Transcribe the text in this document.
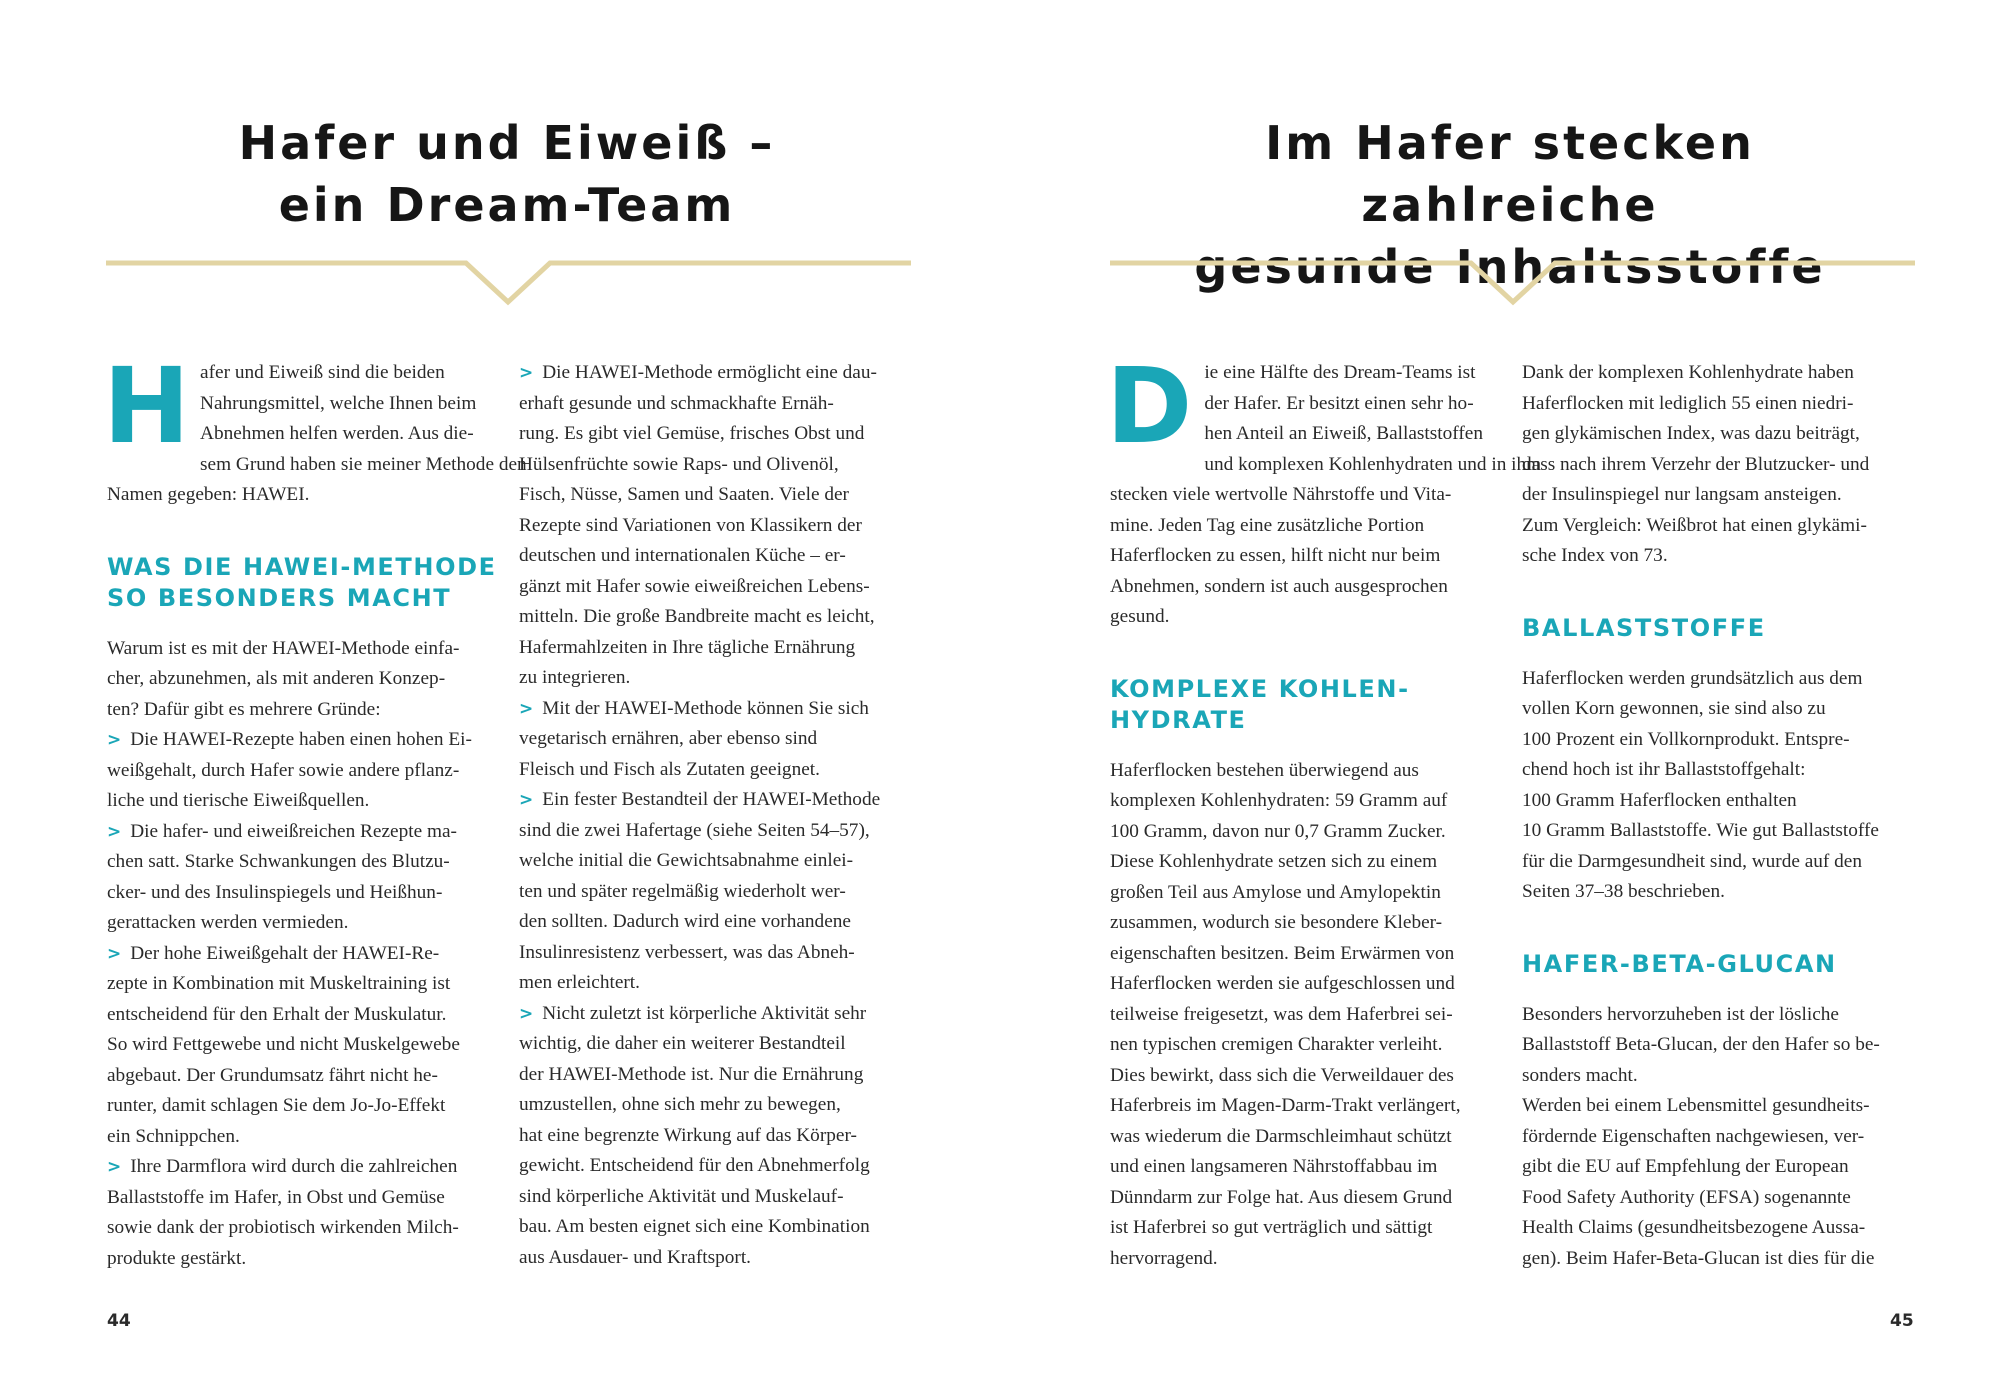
Hafer und Eiweiß –
ein Dream-Team

H afer und Eiweiß sind die beiden
Nahrungsmittel, welche Ihnen beim
Abnehmen helfen werden. Aus die-
sem Grund haben sie meiner Methode den
Namen gegeben: HAWEI.

WAS DIE HAWEI-METHODE
SO BESONDERS MACHT

Warum ist es mit der HAWEI-Methode einfa-
cher, abzunehmen, als mit anderen Konzep-
ten? Dafür gibt es mehrere Gründe:

> Die HAWEI-Rezepte haben einen hohen Ei-
weißgehalt, durch Hafer sowie andere pflanz-
liche und tierische Eiweißquellen.

> Die hafer- und eiweißreichen Rezepte ma-
chen satt. Starke Schwankungen des Blutzu-
cker- und des Insulinspiegels und Heißhun-
gerattacken werden vermieden.

> Der hohe Eiweißgehalt der HAWEI-Re-
zepte in Kombination mit Muskeltraining ist
entscheidend für den Erhalt der Muskulatur.
So wird Fettgewebe und nicht Muskelgewebe
abgebaut. Der Grundumsatz fährt nicht he-
runter, damit schlagen Sie dem Jo-Jo-Effekt
ein Schnippchen.

> Ihre Darmflora wird durch die zahlreichen
Ballaststoffe im Hafer, in Obst und Gemüse
sowie dank der probiotisch wirkenden Milch-
produkte gestärkt.

> Die HAWEI-Methode ermöglicht eine dau-
erhaft gesunde und schmackhafte Ernäh-
rung. Es gibt viel Gemüse, frisches Obst und
Hülsenfrüchte sowie Raps- und Olivenöl,
Fisch, Nüsse, Samen und Saaten. Viele der
Rezepte sind Variationen von Klassikern der
deutschen und internationalen Küche – er-
gänzt mit Hafer sowie eiweißreichen Lebens-
mitteln. Die große Bandbreite macht es leicht,
Hafermahlzeiten in Ihre tägliche Ernährung
zu integrieren.

> Mit der HAWEI-Methode können Sie sich
vegetarisch ernähren, aber ebenso sind
Fleisch und Fisch als Zutaten geeignet.

> Ein fester Bestandteil der HAWEI-Methode
sind die zwei Hafertage (siehe Seiten 54–57),
welche initial die Gewichtsabnahme einlei-
ten und später regelmäßig wiederholt wer-
den sollten. Dadurch wird eine vorhandene
Insulinresistenz verbessert, was das Abneh-
men erleichtert.

> Nicht zuletzt ist körperliche Aktivität sehr
wichtig, die daher ein weiterer Bestandteil
der HAWEI-Methode ist. Nur die Ernährung
umzustellen, ohne sich mehr zu bewegen,
hat eine begrenzte Wirkung auf das Körper-
gewicht. Entscheidend für den Abnehmerfolg
sind körperliche Aktivität und Muskelauf-
bau. Am besten eignet sich eine Kombination
aus Ausdauer- und Kraftsport.

44
Im Hafer stecken zahlreiche
gesunde Inhaltsstoffe

D ie eine Hälfte des Dream-Teams ist
der Hafer. Er besitzt einen sehr ho-
hen Anteil an Eiweiß, Ballaststoffen
und komplexen Kohlenhydraten und in ihm
stecken viele wertvolle Nährstoffe und Vita-
mine. Jeden Tag eine zusätzliche Portion
Haferflocken zu essen, hilft nicht nur beim
Abnehmen, sondern ist auch ausgesprochen
gesund.

KOMPLEXE KOHLEN-
HYDRATE

Haferflocken bestehen überwiegend aus
komplexen Kohlenhydraten: 59 Gramm auf
100 Gramm, davon nur 0,7 Gramm Zucker.
Diese Kohlenhydrate setzen sich zu einem
großen Teil aus Amylose und Amylopektin
zusammen, wodurch sie besondere Kleber-
eigenschaften besitzen. Beim Erwärmen von
Haferflocken werden sie aufgeschlossen und
teilweise freigesetzt, was dem Haferbrei sei-
nen typischen cremigen Charakter verleiht.
Dies bewirkt, dass sich die Verweildauer des
Haferbreis im Magen-Darm-Trakt verlängert,
was wiederum die Darmschleimhaut schützt
und einen langsameren Nährstoffabbau im
Dünndarm zur Folge hat. Aus diesem Grund
ist Haferbrei so gut verträglich und sättigt
hervorragend.

Dank der komplexen Kohlenhydrate haben
Haferflocken mit lediglich 55 einen niedri-
gen glykämischen Index, was dazu beiträgt,
dass nach ihrem Verzehr der Blutzucker- und
der Insulinspiegel nur langsam ansteigen.
Zum Vergleich: Weißbrot hat einen glykämi-
sche Index von 73.

BALLASTSTOFFE

Haferflocken werden grundsätzlich aus dem
vollen Korn gewonnen, sie sind also zu
100 Prozent ein Vollkornprodukt. Entspre-
chend hoch ist ihr Ballaststoffgehalt:
100 Gramm Haferflocken enthalten
10 Gramm Ballaststoffe. Wie gut Ballaststoffe
für die Darmgesundheit sind, wurde auf den
Seiten 37–38 beschrieben.

HAFER-BETA-GLUCAN

Besonders hervorzuheben ist der lösliche
Ballaststoff Beta-Glucan, der den Hafer so be-
sonders macht.
Werden bei einem Lebensmittel gesundheits-
fördernde Eigenschaften nachgewiesen, ver-
gibt die EU auf Empfehlung der European
Food Safety Authority (EFSA) sogenannte
Health Claims (gesundheitsbezogene Aussa-
gen). Beim Hafer-Beta-Glucan ist dies für die

45
